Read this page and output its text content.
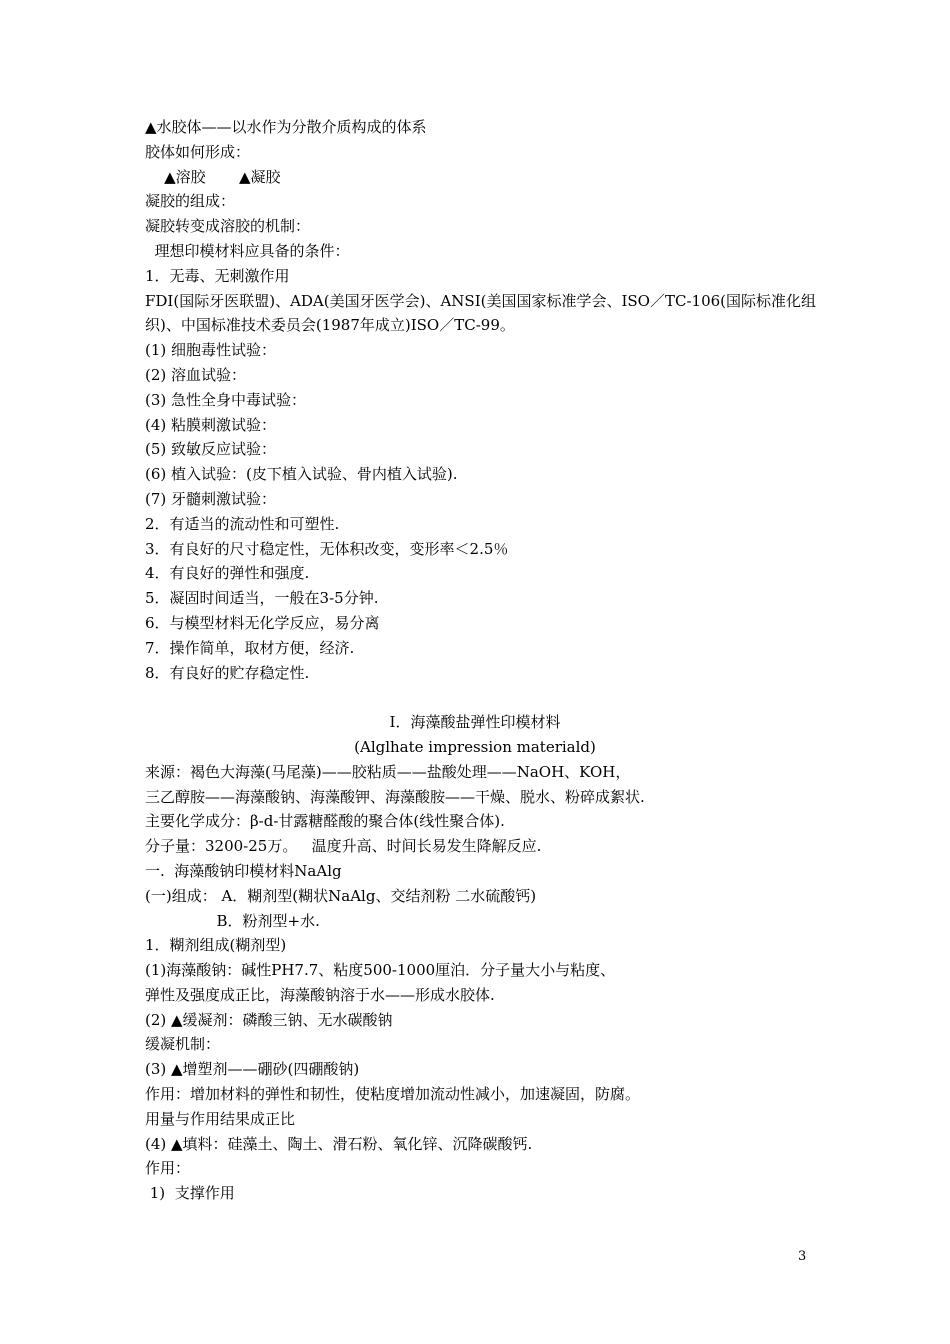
▲水胶体——以水作为分散介质构成的体系
胶体如何形成：
▲溶胶       ▲凝胶
凝胶的组成：
凝胶转变成溶胶的机制：
理想印模材料应具备的条件：
1．无毒、无刺激作用
FDI(国际牙医联盟)、ADA(美国牙医学会)、ANSI(美国国家标准学会、ISO／TC-106(国际标准化组织)、中国标准技术委员会(1987年成立)ISO／TC-99。
(1) 细胞毒性试验：
(2) 溶血试验：
(3) 急性全身中毒试验：
(4) 粘膜刺激试验：
(5) 致敏反应试验：
(6) 植入试验：(皮下植入试验、骨内植入试验).
(7) 牙髓刺激试验：
2．有适当的流动性和可塑性.
3．有良好的尺寸稳定性，无体积改变，变形率＜2.5％
4．有良好的弹性和强度.
5．凝固时间适当，一般在3-5分钟.
6．与模型材料无化学反应，易分离
7．操作简单，取材方便，经济.
8．有良好的贮存稳定性.
Ⅰ．海藻酸盐弹性印模材料
(Alglhate impression materiald)
来源：褐色大海藻(马尾藻)——胶粘质——盐酸处理——NaOH、KOH，
三乙醇胺——海藻酸钠、海藻酸钾、海藻酸胺——干燥、脱水、粉碎成絮状.
主要化学成分：β-d-甘露糖醛酸的聚合体(线性聚合体).
分子量：3200-25万。   温度升高、时间长易发生降解反应.
一.  海藻酸钠印模材料NaAlg
(一)组成： A．糊剂型(糊状NaAlg、交结剂粉 二水硫酸钙)
B．粉剂型+水.
1．糊剂组成(糊剂型)
(1)海藻酸钠：碱性PH7.7、粘度500-1000厘泊．分子量大小与粘度、
弹性及强度成正比，海藻酸钠溶于水——形成水胶体.
(2) ▲缓凝剂：磷酸三钠、无水碳酸钠
缓凝机制：
(3) ▲增塑剂——硼砂(四硼酸钠)
作用：增加材料的弹性和韧性，使粘度增加流动性减小，加速凝固，防腐。
用量与作用结果成正比
(4) ▲填料：硅藻土、陶土、滑石粉、氧化锌、沉降碳酸钙.
作用：
1)  支撑作用
3
